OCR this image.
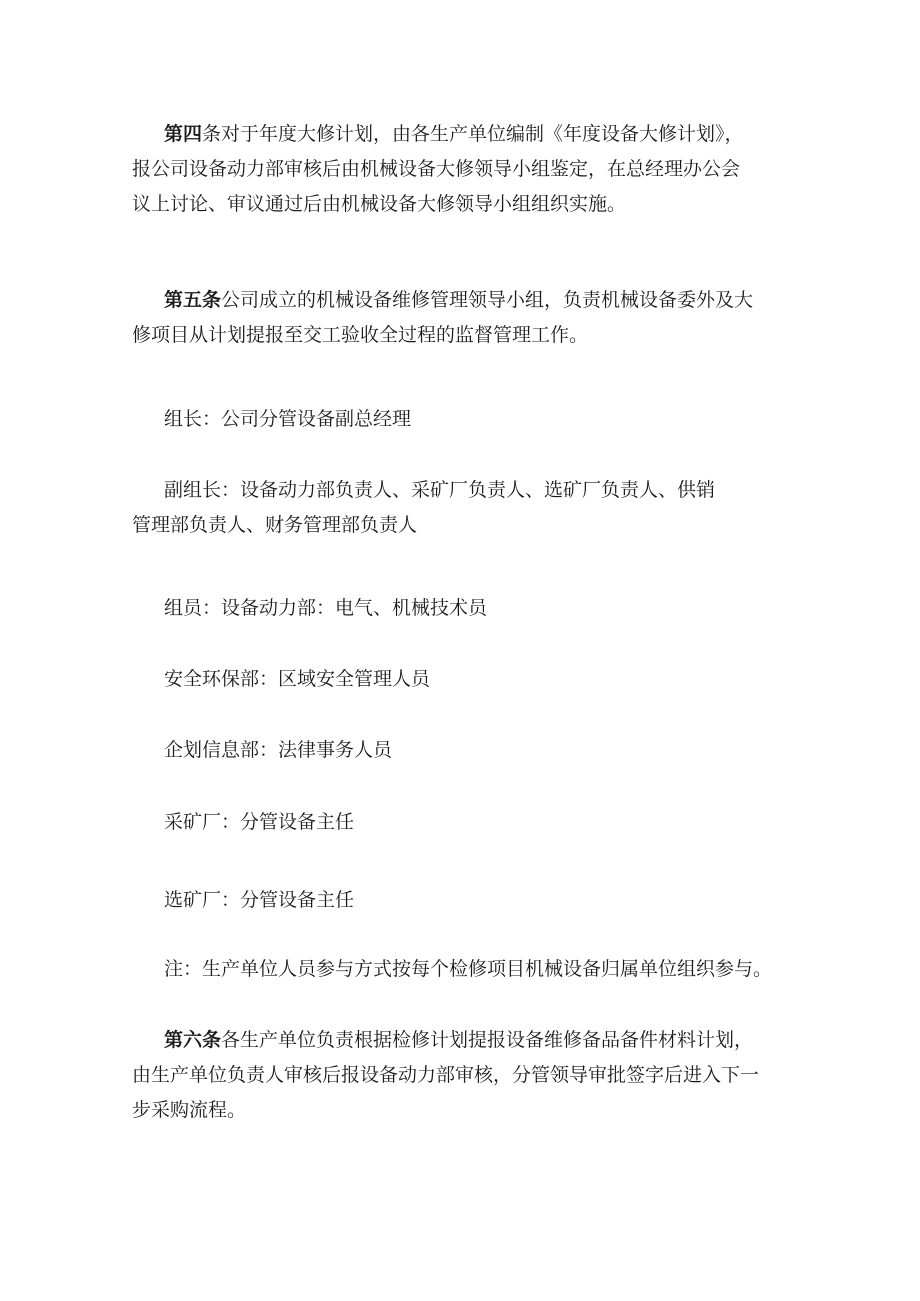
第四条对于年度大修计划，由各生产单位编制《年度设备大修计划》，
报公司设备动力部审核后由机械设备大修领导小组鉴定，在总经理办公会
议上讨论、审议通过后由机械设备大修领导小组组织实施。

第五条公司成立的机械设备维修管理领导小组，负责机械设备委外及大
修项目从计划提报至交工验收全过程的监督管理工作。

组长：公司分管设备副总经理

副组长：设备动力部负责人、采矿厂负责人、选矿厂负责人、供销
管理部负责人、财务管理部负责人

组员：设备动力部：电气、机械技术员

安全环保部：区域安全管理人员

企划信息部：法律事务人员

采矿厂：分管设备主任

选矿厂：分管设备主任

注：生产单位人员参与方式按每个检修项目机械设备归属单位组织参与。

第六条各生产单位负责根据检修计划提报设备维修备品备件材料计划，
由生产单位负责人审核后报设备动力部审核，分管领导审批签字后进入下一
步采购流程。
